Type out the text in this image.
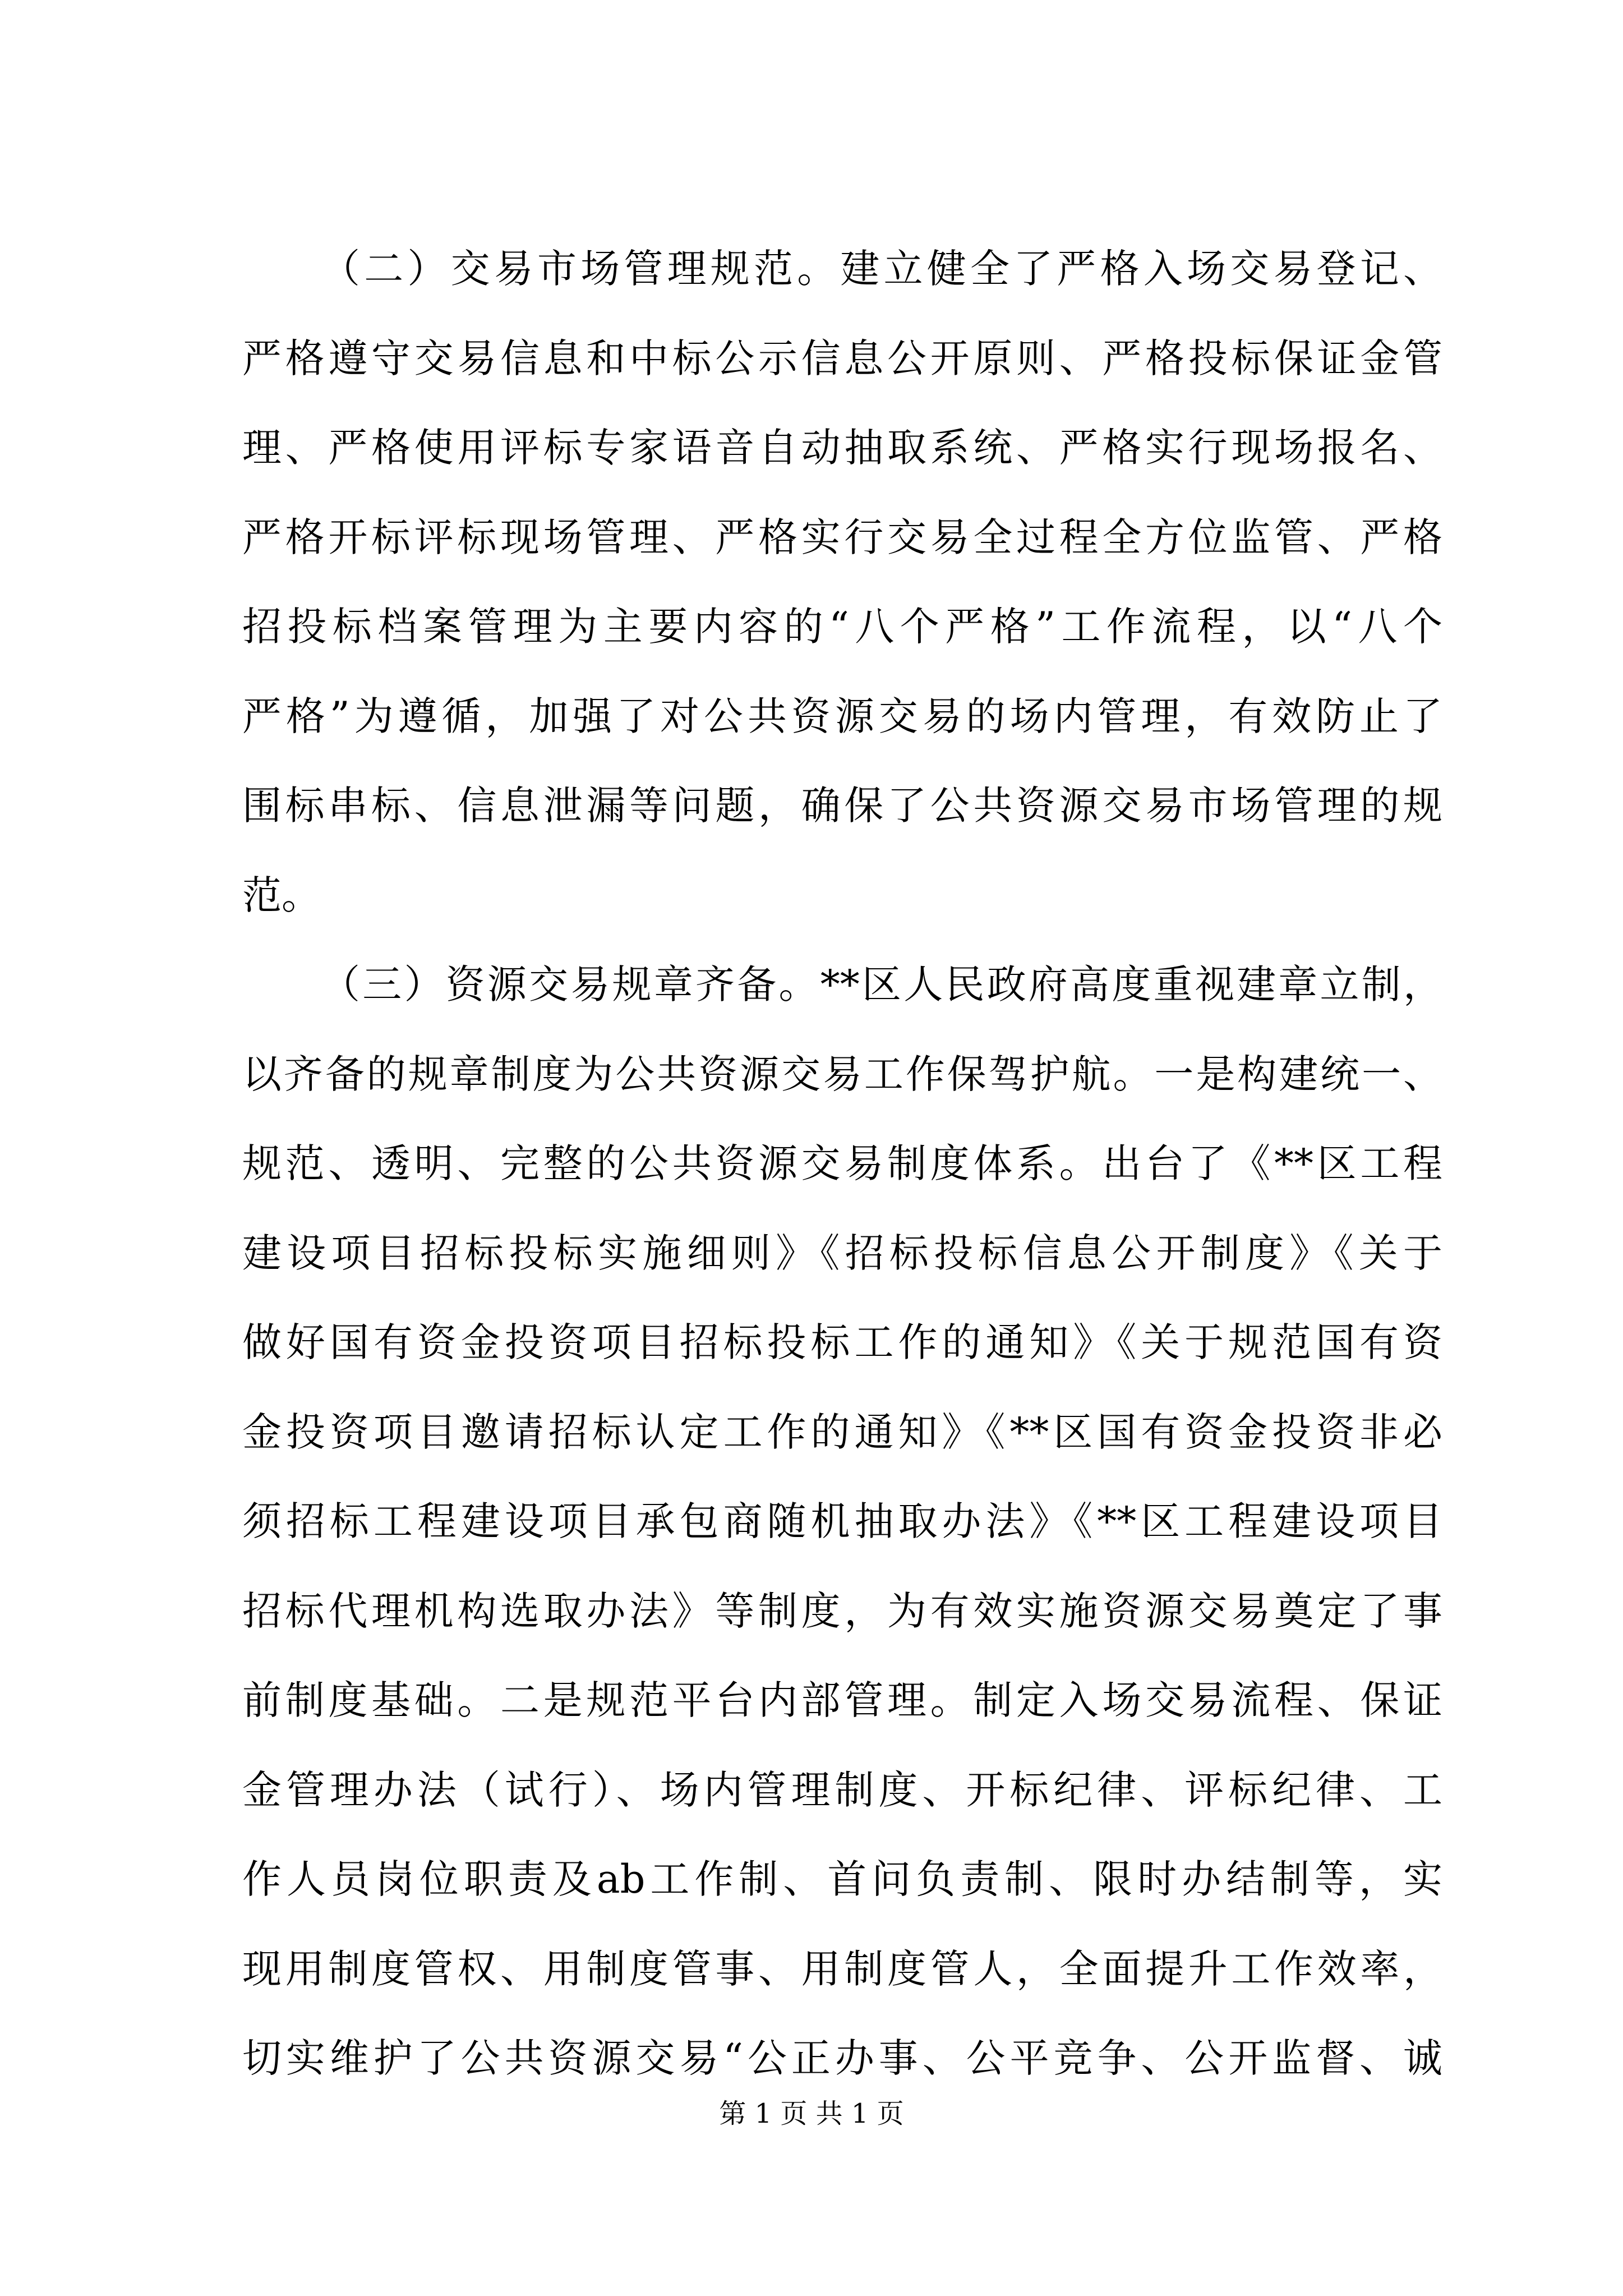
（二）交易市场管理规范。建立健全了严格入场交易登记、
严格遵守交易信息和中标公示信息公开原则、严格投标保证金管
理、严格使用评标专家语音自动抽取系统、严格实行现场报名、
严格开标评标现场管理、严格实行交易全过程全方位监管、严格
招投标档案管理为主要内容的“八个严格”工作流程，以“八个
严格”为遵循，加强了对公共资源交易的场内管理，有效防止了
围标串标、信息泄漏等问题，确保了公共资源交易市场管理的规
范。
（三）资源交易规章齐备。**区人民政府高度重视建章立制，
以齐备的规章制度为公共资源交易工作保驾护航。一是构建统一、
规范、透明、完整的公共资源交易制度体系。出台了《**区工程
建设项目招标投标实施细则》《招标投标信息公开制度》《关于
做好国有资金投资项目招标投标工作的通知》《关于规范国有资
金投资项目邀请招标认定工作的通知》《**区国有资金投资非必
须招标工程建设项目承包商随机抽取办法》《**区工程建设项目
招标代理机构选取办法》等制度，为有效实施资源交易奠定了事
前制度基础。二是规范平台内部管理。制定入场交易流程、保证
金管理办法（试行）、场内管理制度、开标纪律、评标纪律、工
作人员岗位职责及ab工作制、首问负责制、限时办结制等，实
现用制度管权、用制度管事、用制度管人，全面提升工作效率，
切实维护了公共资源交易“公正办事、公平竞争、公开监督、诚
第 1 页 共 1 页
